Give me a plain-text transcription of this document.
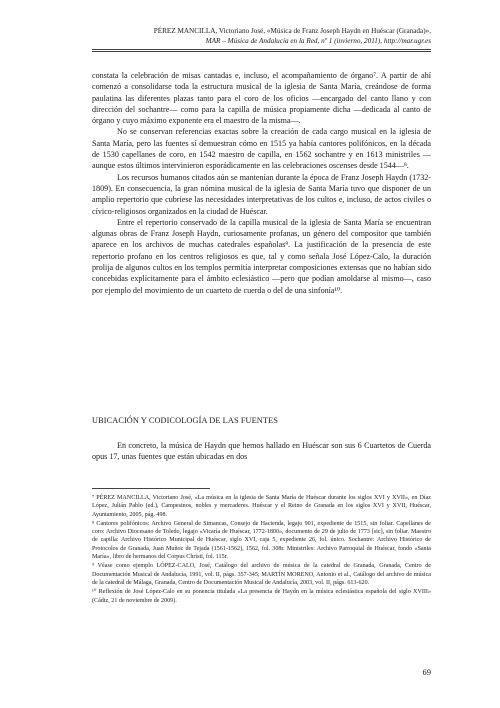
PÉREZ MANCILLA, Victoriano José, «Música de Franz Joseph Haydn en Huéscar (Granada)»,
MAR – Música de Andalucía en la Red, nº 1 (invierno, 2011), http://mar.ugr.es

constata la celebración de misas cantadas e, incluso, el acompañamiento de órgano⁷. A partir de ahí comenzó a consolidarse toda la estructura musical de la iglesia de Santa María, creándose de forma paulatina las diferentes plazas tanto para el coro de los oficios —encargado del canto llano y con dirección del sochantre— como para la capilla de música propiamente dicha —dedicada al canto de órgano y cuyo máximo exponente era el maestro de la misma—.

No se conservan referencias exactas sobre la creación de cada cargo musical en la iglesia de Santa María, pero las fuentes sí demuestran cómo en 1515 ya había cantores polifónicos, en la década de 1530 capellanes de coro, en 1542 maestro de capilla, en 1562 sochantre y en 1613 ministriles —aunque estos últimos intervinieron esporádicamente en las celebraciones oscenses desde 1544—⁸.

Los recursos humanos citados aún se mantenían durante la época de Franz Joseph Haydn (1732-1809). En consecuencia, la gran nómina musical de la iglesia de Santa María tuvo que disponer de un amplio repertorio que cubriese las necesidades interpretativas de los cultos e, incluso, de actos civiles o cívico-religiosos organizados en la ciudad de Huéscar.

Entre el repertorio conservado de la capilla musical de la iglesia de Santa María se encuentran algunas obras de Franz Joseph Haydn, curiosamente profanas, un género del compositor que también aparece en los archivos de muchas catedrales españolas⁹. La justificación de la presencia de este repertorio profano en los centros religiosos es que, tal y como señala José López-Calo, la duración prolija de algunos cultos en los templos permitía interpretar composiciones extensas que no habían sido concebidas explícitamente para el ámbito eclesiástico —pero que podían amoldarse al mismo—, caso por ejemplo del movimiento de un cuarteto de cuerda o del de una sinfonía¹⁰.

UBICACIÓN Y CODICOLOGÍA DE LAS FUENTES
En concreto, la música de Haydn que hemos hallado en Huéscar son sus 6 Cuartetos de Cuerda opus 17, unas fuentes que están ubicadas en dos

⁷ PÉREZ MANCILLA, Victoriano José, «La música en la iglesia de Santa María de Huéscar durante los siglos XVI y XVII», en Díaz López, Julián Pablo (ed.), Campesinos, nobles y mercaderes. Huéscar y el Reino de Granada en los siglos XVI y XVII, Huéscar, Ayuntamiento, 2005, pág. 498.

⁸ Cantores polifónicos: Archivo General de Simancas, Consejo de Hacienda, legajo 901, expediente de 1515, sin foliar. Capellanes de coro: Archivo Diocesano de Toledo, legajo «Vicaría de Huéscar, 1772-1800», documento de 29 de julio de 1773 [sic], sin foliar. Maestro de capilla: Archivo Histórico Municipal de Huéscar, siglo XVI, caja 5, expediente 26, fol. único. Sochantre: Archivo Histórico de Protocolos de Granada, Juan Muñoz de Tejada (1561-1562), 1562, fol. 308r. Ministriles: Archivo Parroquial de Huéscar, fondo «Santa María», libro de hermanos del Corpus Christi, fol. 115r.

⁹ Véase como ejemplo LÓPEZ-CALO, José, Catálogo del archivo de música de la catedral de Granada, Granada, Centro de Documentación Musical de Andalucía, 1991, vol. II, págs. 357-345; MARTÍN MORENO, Antonio et al., Catálogo del archivo de música de la catedral de Málaga, Granada, Centro de Documentación Musical de Andalucía, 2003, vol. II, págs. 613-620.

¹⁰ Reflexión de José López-Calo en su ponencia titulada «La presencia de Haydn en la música eclesiástica española del siglo XVIII» (Cádiz, 21 de noviembre de 2009).

69
